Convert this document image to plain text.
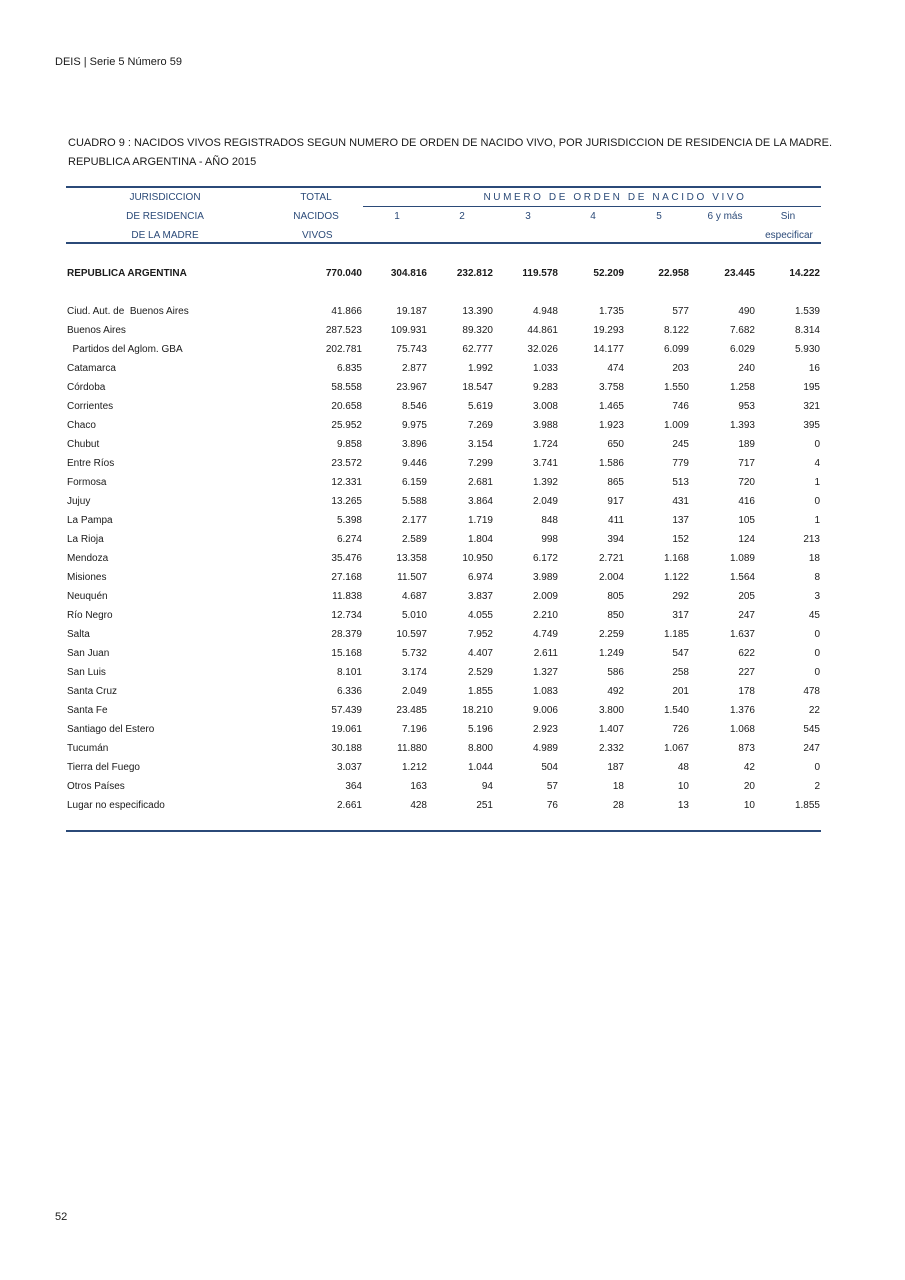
DEIS | Serie 5 Número 59
CUADRO 9 : NACIDOS VIVOS REGISTRADOS SEGUN NUMERO DE ORDEN DE NACIDO VIVO, POR JURISDICCION DE RESIDENCIA DE LA MADRE.
REPUBLICA ARGENTINA - AÑO 2015
JURISDICCION
DE RESIDENCIA
DE LA MADRE
TOTAL
NACIDOS
VIVOS
NUMERO DE ORDEN DE NACIDO VIVO
1	2	3	4	5	6 y más	Sin
especificar
REPUBLICA ARGENTINA	770.040	304.816	232.812	119.578	52.209	22.958	23.445	14.222
Ciud. Aut. de  Buenos Aires	41.866	19.187	13.390	4.948	1.735	577	490	1.539
Buenos Aires	287.523	109.931	89.320	44.861	19.293	8.122	7.682	8.314
Partidos del Aglom. GBA	202.781	75.743	62.777	32.026	14.177	6.099	6.029	5.930
Catamarca	6.835	2.877	1.992	1.033	474	203	240	16
Córdoba	58.558	23.967	18.547	9.283	3.758	1.550	1.258	195
Corrientes	20.658	8.546	5.619	3.008	1.465	746	953	321
Chaco	25.952	9.975	7.269	3.988	1.923	1.009	1.393	395
Chubut	9.858	3.896	3.154	1.724	650	245	189	0
Entre Ríos	23.572	9.446	7.299	3.741	1.586	779	717	4
Formosa	12.331	6.159	2.681	1.392	865	513	720	1
Jujuy	13.265	5.588	3.864	2.049	917	431	416	0
La Pampa	5.398	2.177	1.719	848	411	137	105	1
La Rioja	6.274	2.589	1.804	998	394	152	124	213
Mendoza	35.476	13.358	10.950	6.172	2.721	1.168	1.089	18
Misiones	27.168	11.507	6.974	3.989	2.004	1.122	1.564	8
Neuquén	11.838	4.687	3.837	2.009	805	292	205	3
Río Negro	12.734	5.010	4.055	2.210	850	317	247	45
Salta	28.379	10.597	7.952	4.749	2.259	1.185	1.637	0
San Juan	15.168	5.732	4.407	2.611	1.249	547	622	0
San Luis	8.101	3.174	2.529	1.327	586	258	227	0
Santa Cruz	6.336	2.049	1.855	1.083	492	201	178	478
Santa Fe	57.439	23.485	18.210	9.006	3.800	1.540	1.376	22
Santiago del Estero	19.061	7.196	5.196	2.923	1.407	726	1.068	545
Tucumán	30.188	11.880	8.800	4.989	2.332	1.067	873	247
Tierra del Fuego	3.037	1.212	1.044	504	187	48	42	0
Otros Países	364	163	94	57	18	10	20	2
Lugar no especificado	2.661	428	251	76	28	13	10	1.855
52
